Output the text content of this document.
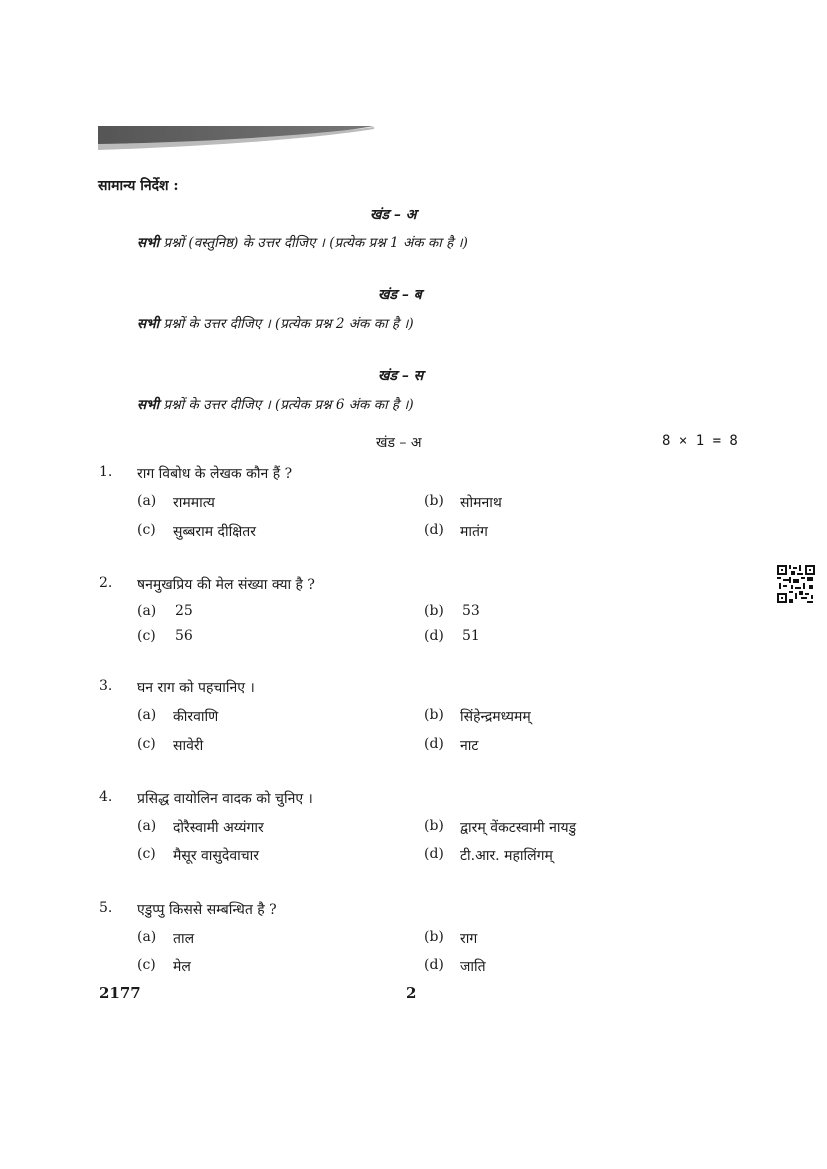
सामान्य निर्देश :
खंड – अ
सभी प्रश्नों (वस्तुनिष्ठ) के उत्तर दीजिए । (प्रत्येक प्रश्न 1 अंक का है ।)
खंड – ब
सभी प्रश्नों के उत्तर दीजिए । (प्रत्येक प्रश्न 2 अंक का है ।)
खंड – स
सभी प्रश्नों के उत्तर दीजिए । (प्रत्येक प्रश्न 6 अंक का है ।)
खंड – अ	8 × 1 = 8
1. राग विबोध के लेखक कौन हैं ?
(a) राममात्य	(b) सोमनाथ
(c) सुब्बराम दीक्षितर	(d) मातंग
2. षनमुखप्रिय की मेल संख्या क्या है ?
(a) 25	(b) 53
(c) 56	(d) 51
3. घन राग को पहचानिए ।
(a) कीरवाणि	(b) सिंहेन्द्रमध्यमम्
(c) सावेरी	(d) नाट
4. प्रसिद्ध वायोलिन वादक को चुनिए ।
(a) दोरैस्वामी अय्यंगार	(b) द्वारम् वेंकटस्वामी नायडु
(c) मैसूर वासुदेवाचार	(d) टी.आर. महालिंगम्
5. एडुप्पु किससे सम्बन्धित है ?
(a) ताल	(b) राग
(c) मेल	(d) जाति
2177	2
